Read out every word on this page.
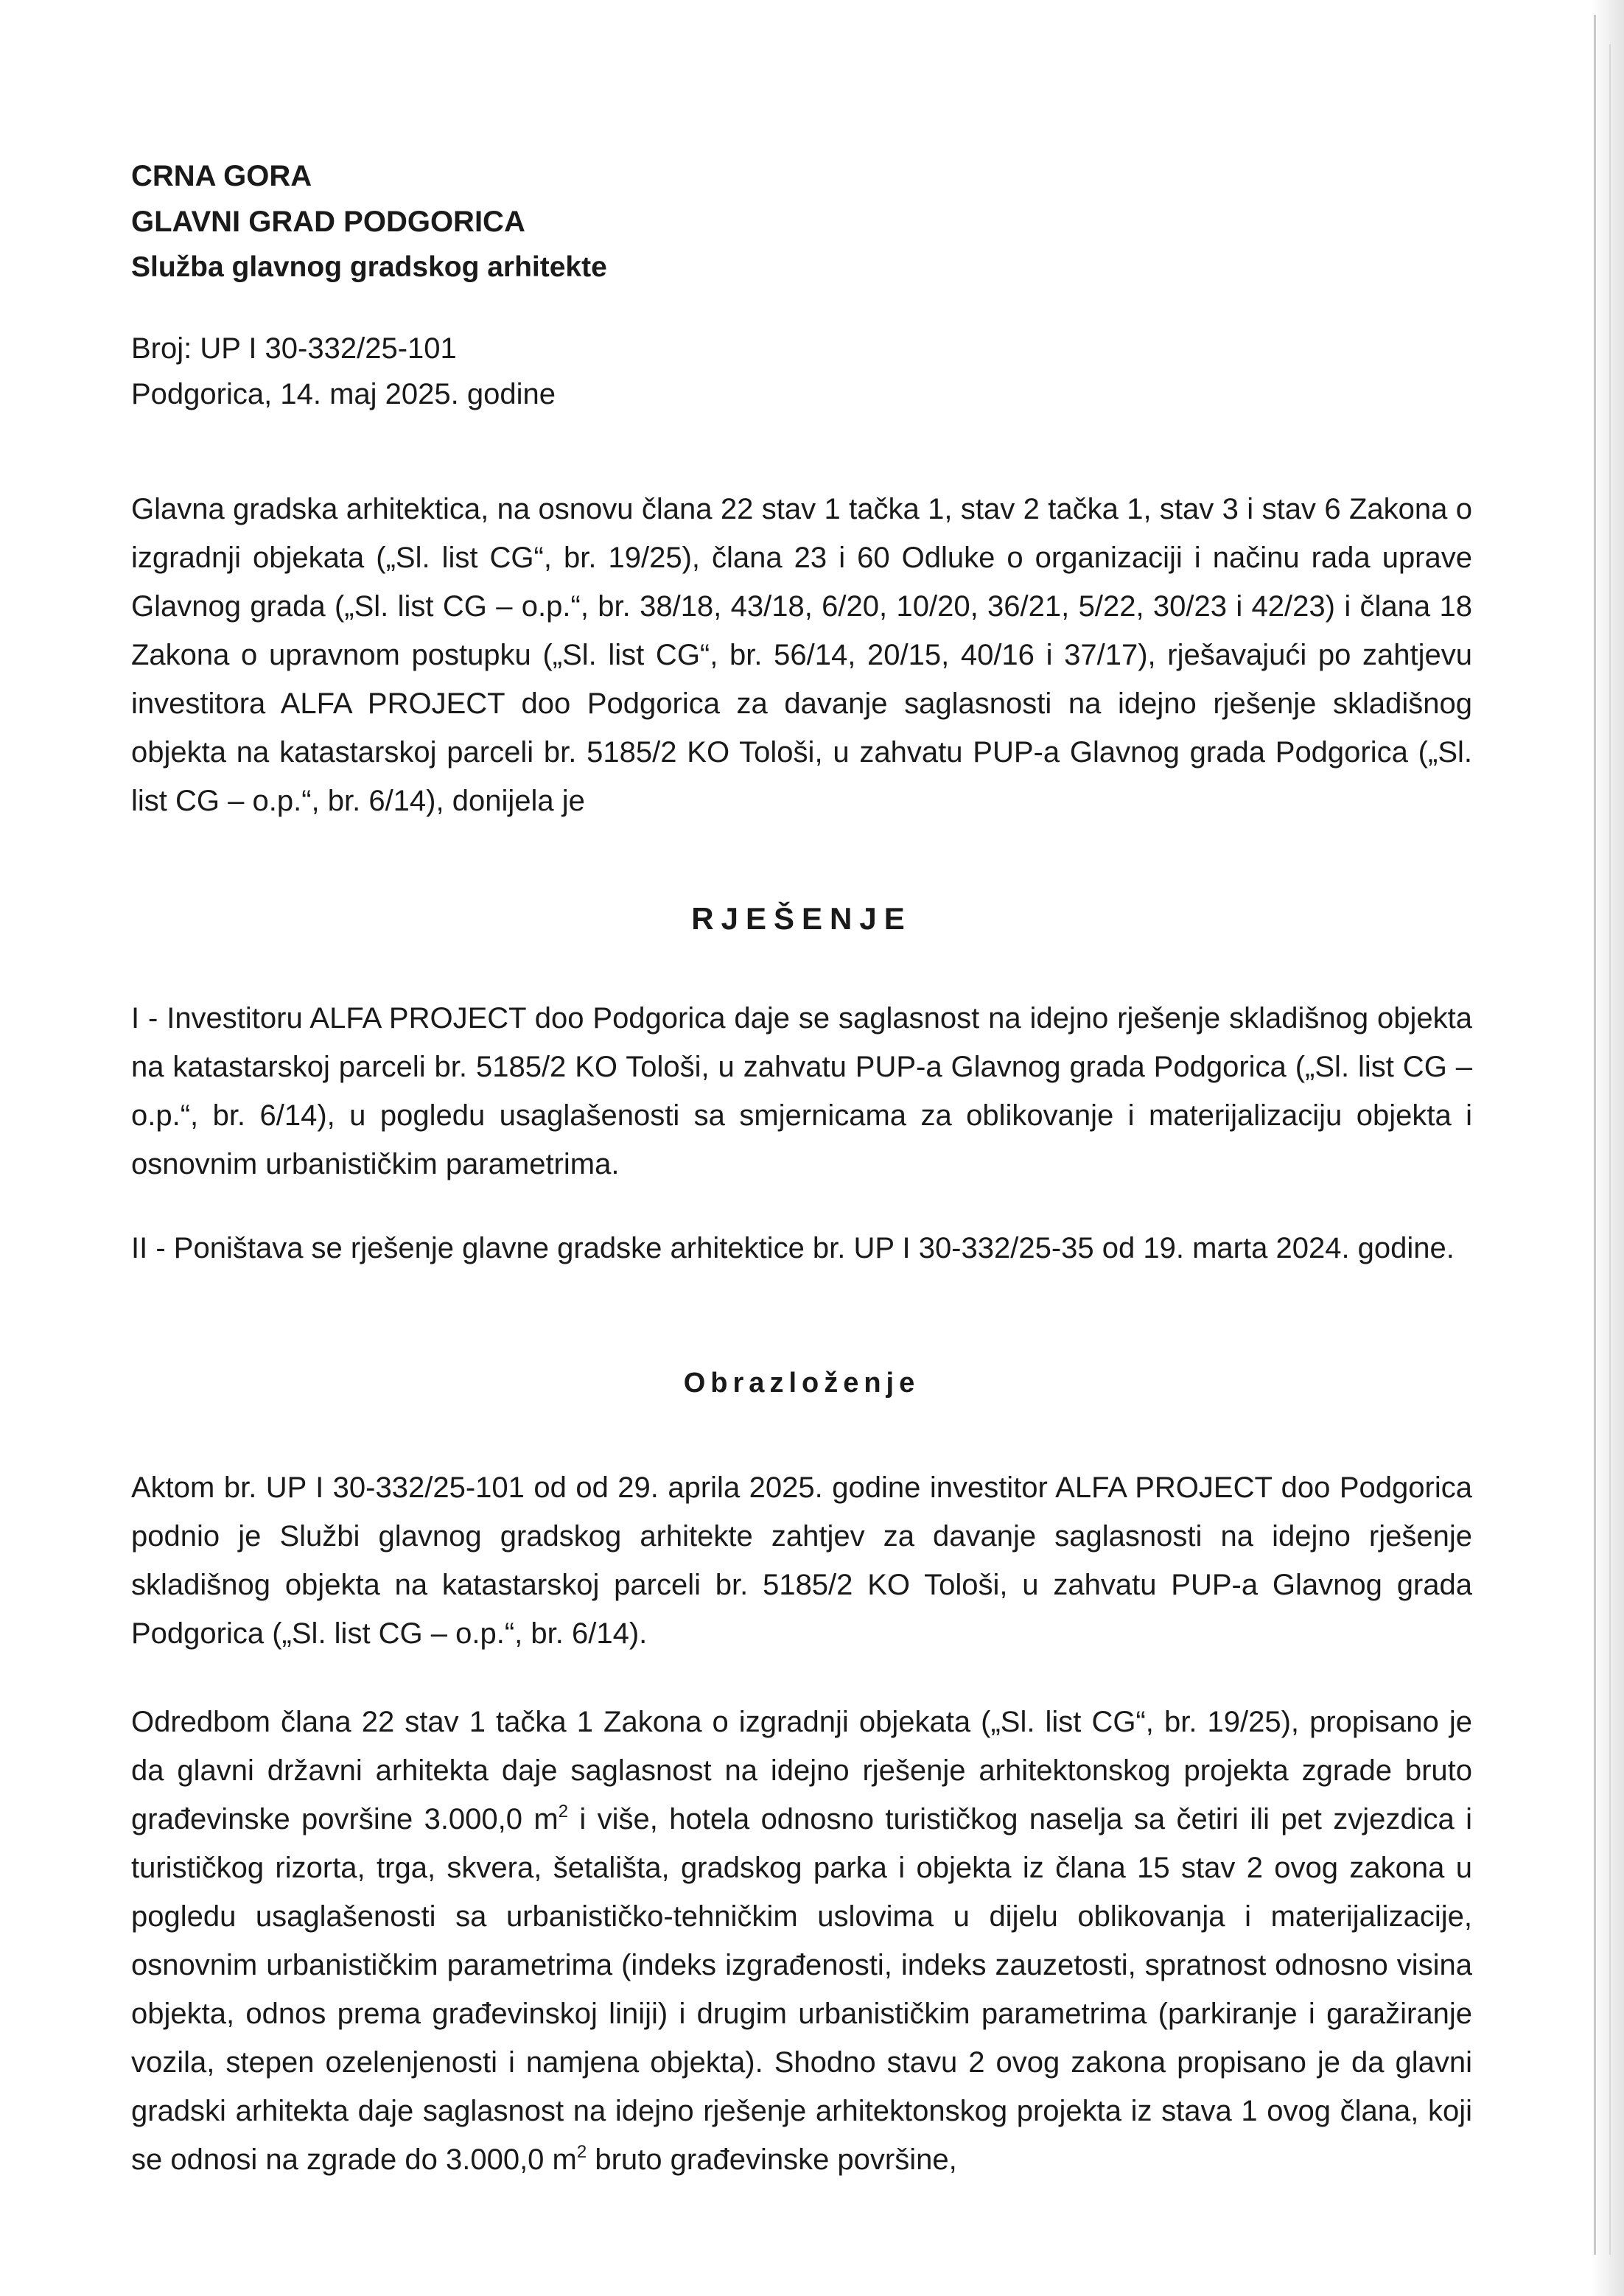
CRNA GORA
GLAVNI GRAD PODGORICA
Služba glavnog gradskog arhitekte
Broj: UP I 30-332/25-101
Podgorica, 14. maj 2025. godine

Glavna gradska arhitektica, na osnovu člana 22 stav 1 tačka 1, stav 2 tačka 1, stav 3 i stav 6 Zakona o izgradnji objekata („Sl. list CG“, br. 19/25), člana 23 i 60 Odluke o organizaciji i načinu rada uprave Glavnog grada („Sl. list CG – o.p.“, br. 38/18, 43/18, 6/20, 10/20, 36/21, 5/22, 30/23 i 42/23) i člana 18 Zakona o upravnom postupku („Sl. list CG“, br. 56/14, 20/15, 40/16 i 37/17), rješavajući po zahtjevu investitora ALFA PROJECT doo Podgorica za davanje saglasnosti na idejno rješenje skladišnog objekta na katastarskoj parceli br. 5185/2 KO Tološi, u zahvatu PUP-a Glavnog grada Podgorica („Sl. list CG – o.p.“, br. 6/14), donijela je

RJEŠENJE

I - Investitoru ALFA PROJECT doo Podgorica daje se saglasnost na idejno rješenje skladišnog objekta na katastarskoj parceli br. 5185/2 KO Tološi, u zahvatu PUP-a Glavnog grada Podgorica („Sl. list CG – o.p.“, br. 6/14), u pogledu usaglašenosti sa smjernicama za oblikovanje i materijalizaciju objekta i osnovnim urbanističkim parametrima.

II - Poništava se rješenje glavne gradske arhitektice br. UP I 30-332/25-35 od 19. marta 2024. godine.

Obrazloženje

Aktom br. UP I 30-332/25-101 od od 29. aprila 2025. godine investitor ALFA PROJECT doo Podgorica podnio je Službi glavnog gradskog arhitekte zahtjev za davanje saglasnosti na idejno rješenje skladišnog objekta na katastarskoj parceli br. 5185/2 KO Tološi, u zahvatu PUP-a Glavnog grada Podgorica („Sl. list CG – o.p.“, br. 6/14).

Odredbom člana 22 stav 1 tačka 1 Zakona o izgradnji objekata („Sl. list CG“, br. 19/25), propisano je da glavni državni arhitekta daje saglasnost na idejno rješenje arhitektonskog projekta zgrade bruto građevinske površine 3.000,0 $m^2$ i više, hotela odnosno turističkog naselja sa četiri ili pet zvjezdica i turističkog rizorta, trga, skvera, šetališta, gradskog parka i objekta iz člana 15 stav 2 ovog zakona u pogledu usaglašenosti sa urbanističko-tehničkim uslovima u dijelu oblikovanja i materijalizacije, osnovnim urbanističkim parametrima (indeks izgrađenosti, indeks zauzetosti, spratnost odnosno visina objekta, odnos prema građevinskoj liniji) i drugim urbanističkim parametrima (parkiranje i garažiranje vozila, stepen ozelenjenosti i namjena objekta). Shodno stavu 2 ovog zakona propisano je da glavni gradski arhitekta daje saglasnost na idejno rješenje arhitektonskog projekta iz stava 1 ovog člana, koji se odnosi na zgrade do 3.000,0 $m^2$ bruto građevinske površine,
